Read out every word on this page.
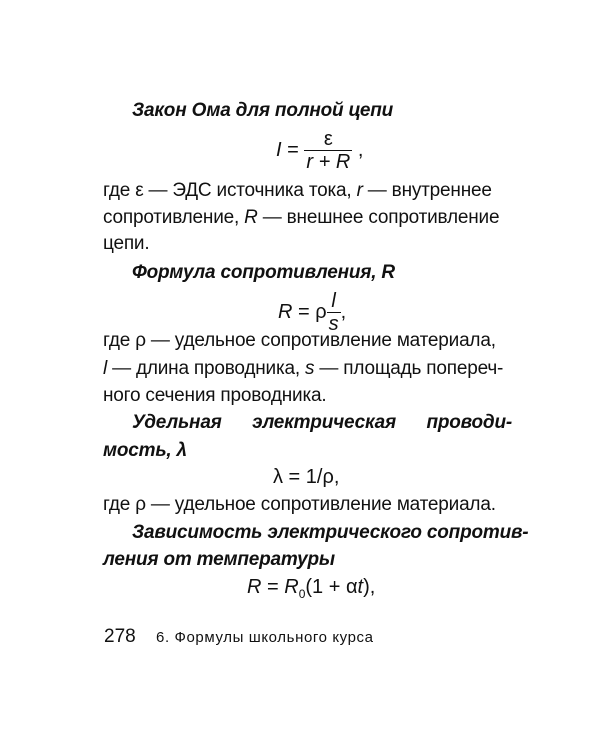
Закон Ома для полной цепи
$I = \frac{\varepsilon}{r + R}$ ,
где ε — ЭДС источника тока, r — внутреннее
сопротивление, R — внешнее сопротивление
цепи.
Формула сопротивления, R
R = ρ $\frac{l}{s}$ ,
где ρ — удельное сопротивление материала,
l — длина проводника, s — площадь попереч-
ного сечения проводника.
Удельная электрическая проводи-
мость, λ
λ = 1/ρ,
где ρ — удельное сопротивление материала.
Зависимость электрического сопротив-
ления от температуры
$R = R_0(1 + \alpha t)$,
278 6. Формулы школьного курса
